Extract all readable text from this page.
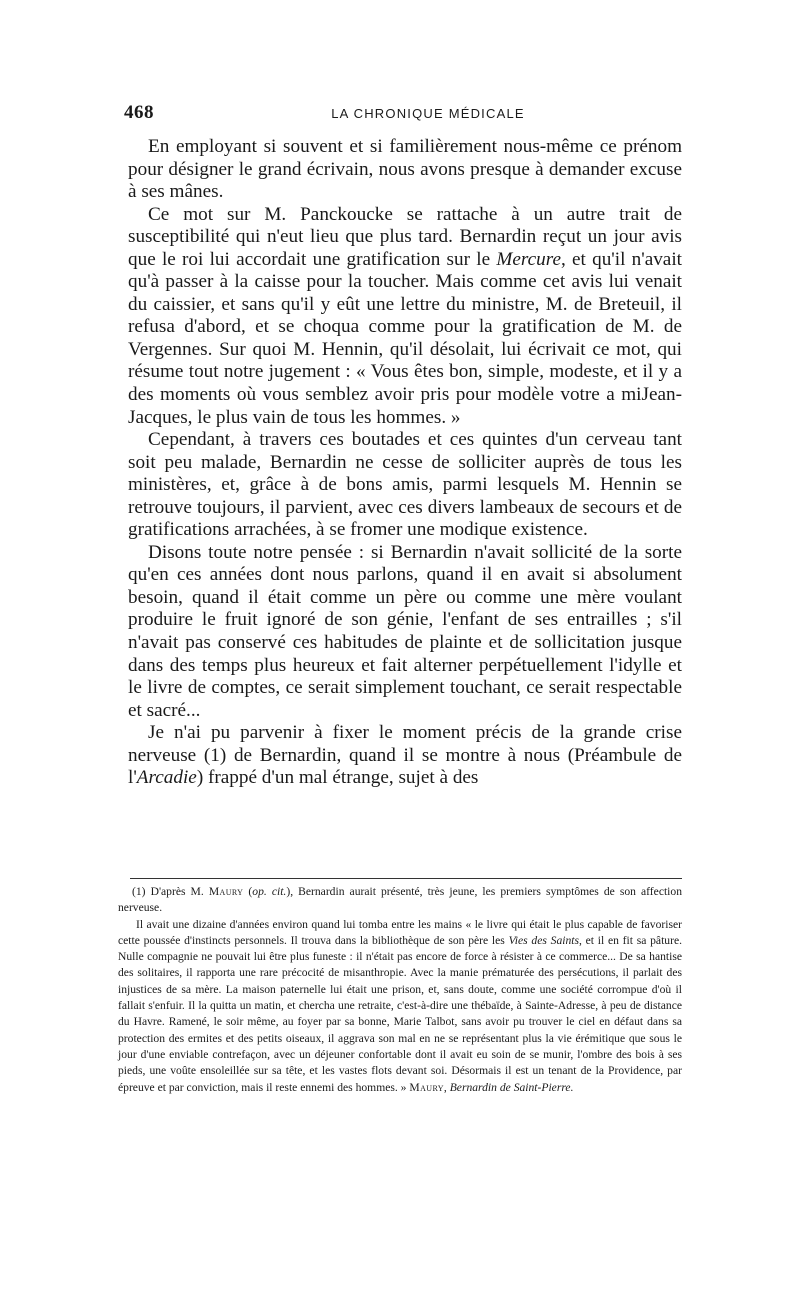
468	LA CHRONIQUE MÉDICALE

En employant si souvent et si familièrement nous-même ce prénom pour désigner le grand écrivain, nous avons presque à demander excuse à ses mânes.

Ce mot sur M. Panckoucke se rattache à un autre trait de susceptibilité qui n'eut lieu que plus tard. Bernardin reçut un jour avis que le roi lui accordait une gratification sur le Mercure, et qu'il n'avait qu'à passer à la caisse pour la toucher. Mais comme cet avis lui venait du caissier, et sans qu'il y eût une lettre du ministre, M. de Breteuil, il refusa d'abord, et se choqua comme pour la gratification de M. de Vergennes. Sur quoi M. Hennin, qu'il désolait, lui écrivait ce mot, qui résume tout notre jugement : « Vous êtes bon, simple, modeste, et il y a des moments où vous semblez avoir pris pour modèle votre a miJean-Jacques, le plus vain de tous les hommes. »

Cependant, à travers ces boutades et ces quintes d'un cerveau tant soit peu malade, Bernardin ne cesse de solliciter auprès de tous les ministères, et, grâce à de bons amis, parmi lesquels M. Hennin se retrouve toujours, il parvient, avec ces divers lambeaux de secours et de gratifications arrachées, à se fromer une modique existence.

Disons toute notre pensée : si Bernardin n'avait sollicité de la sorte qu'en ces années dont nous parlons, quand il en avait si absolument besoin, quand il était comme un père ou comme une mère voulant produire le fruit ignoré de son génie, l'enfant de ses entrailles ; s'il n'avait pas conservé ces habitudes de plainte et de sollicitation jusque dans des temps plus heureux et fait alterner perpétuellement l'idylle et le livre de comptes, ce serait simplement touchant, ce serait respectable et sacré...

Je n'ai pu parvenir à fixer le moment précis de la grande crise nerveuse (1) de Bernardin, quand il se montre à nous (Préambule de l'Arcadie) frappé d'un mal étrange, sujet à des

(1) D'après M. Maury (op. cit.), Bernardin aurait présenté, très jeune, les premiers symptômes de son affection nerveuse.

Il avait une dizaine d'années environ quand lui tomba entre les mains « le livre qui était le plus capable de favoriser cette poussée d'instincts personnels. Il trouva dans la bibliothèque de son père les Vies des Saints, et il en fit sa pâture. Nulle compagnie ne pouvait lui être plus funeste : il n'était pas encore de force à résister à ce commerce... De sa hantise des solitaires, il rapporta une rare précocité de misanthropie. Avec la manie prématurée des persécutions, il parlait des injustices de sa mère. La maison paternelle lui était une prison, et, sans doute, comme une société corrompue d'où il fallait s'enfuir. Il la quitta un matin, et chercha une retraite, c'est-à-dire une thébaïde, à Sainte-Adresse, à peu de distance du Havre. Ramené, le soir même, au foyer par sa bonne, Marie Talbot, sans avoir pu trouver le ciel en défaut dans sa protection des ermites et des petits oiseaux, il aggrava son mal en ne se représentant plus la vie érémitique que sous le jour d'une enviable contrefaçon, avec un déjeuner confortable dont il avait eu soin de se munir, l'ombre des bois à ses pieds, une voûte ensoleillée sur sa tête, et les vastes flots devant soi. Désormais il est un tenant de la Providence, par épreuve et par conviction, mais il reste ennemi des hommes. » Maury, Bernardin de Saint-Pierre.
